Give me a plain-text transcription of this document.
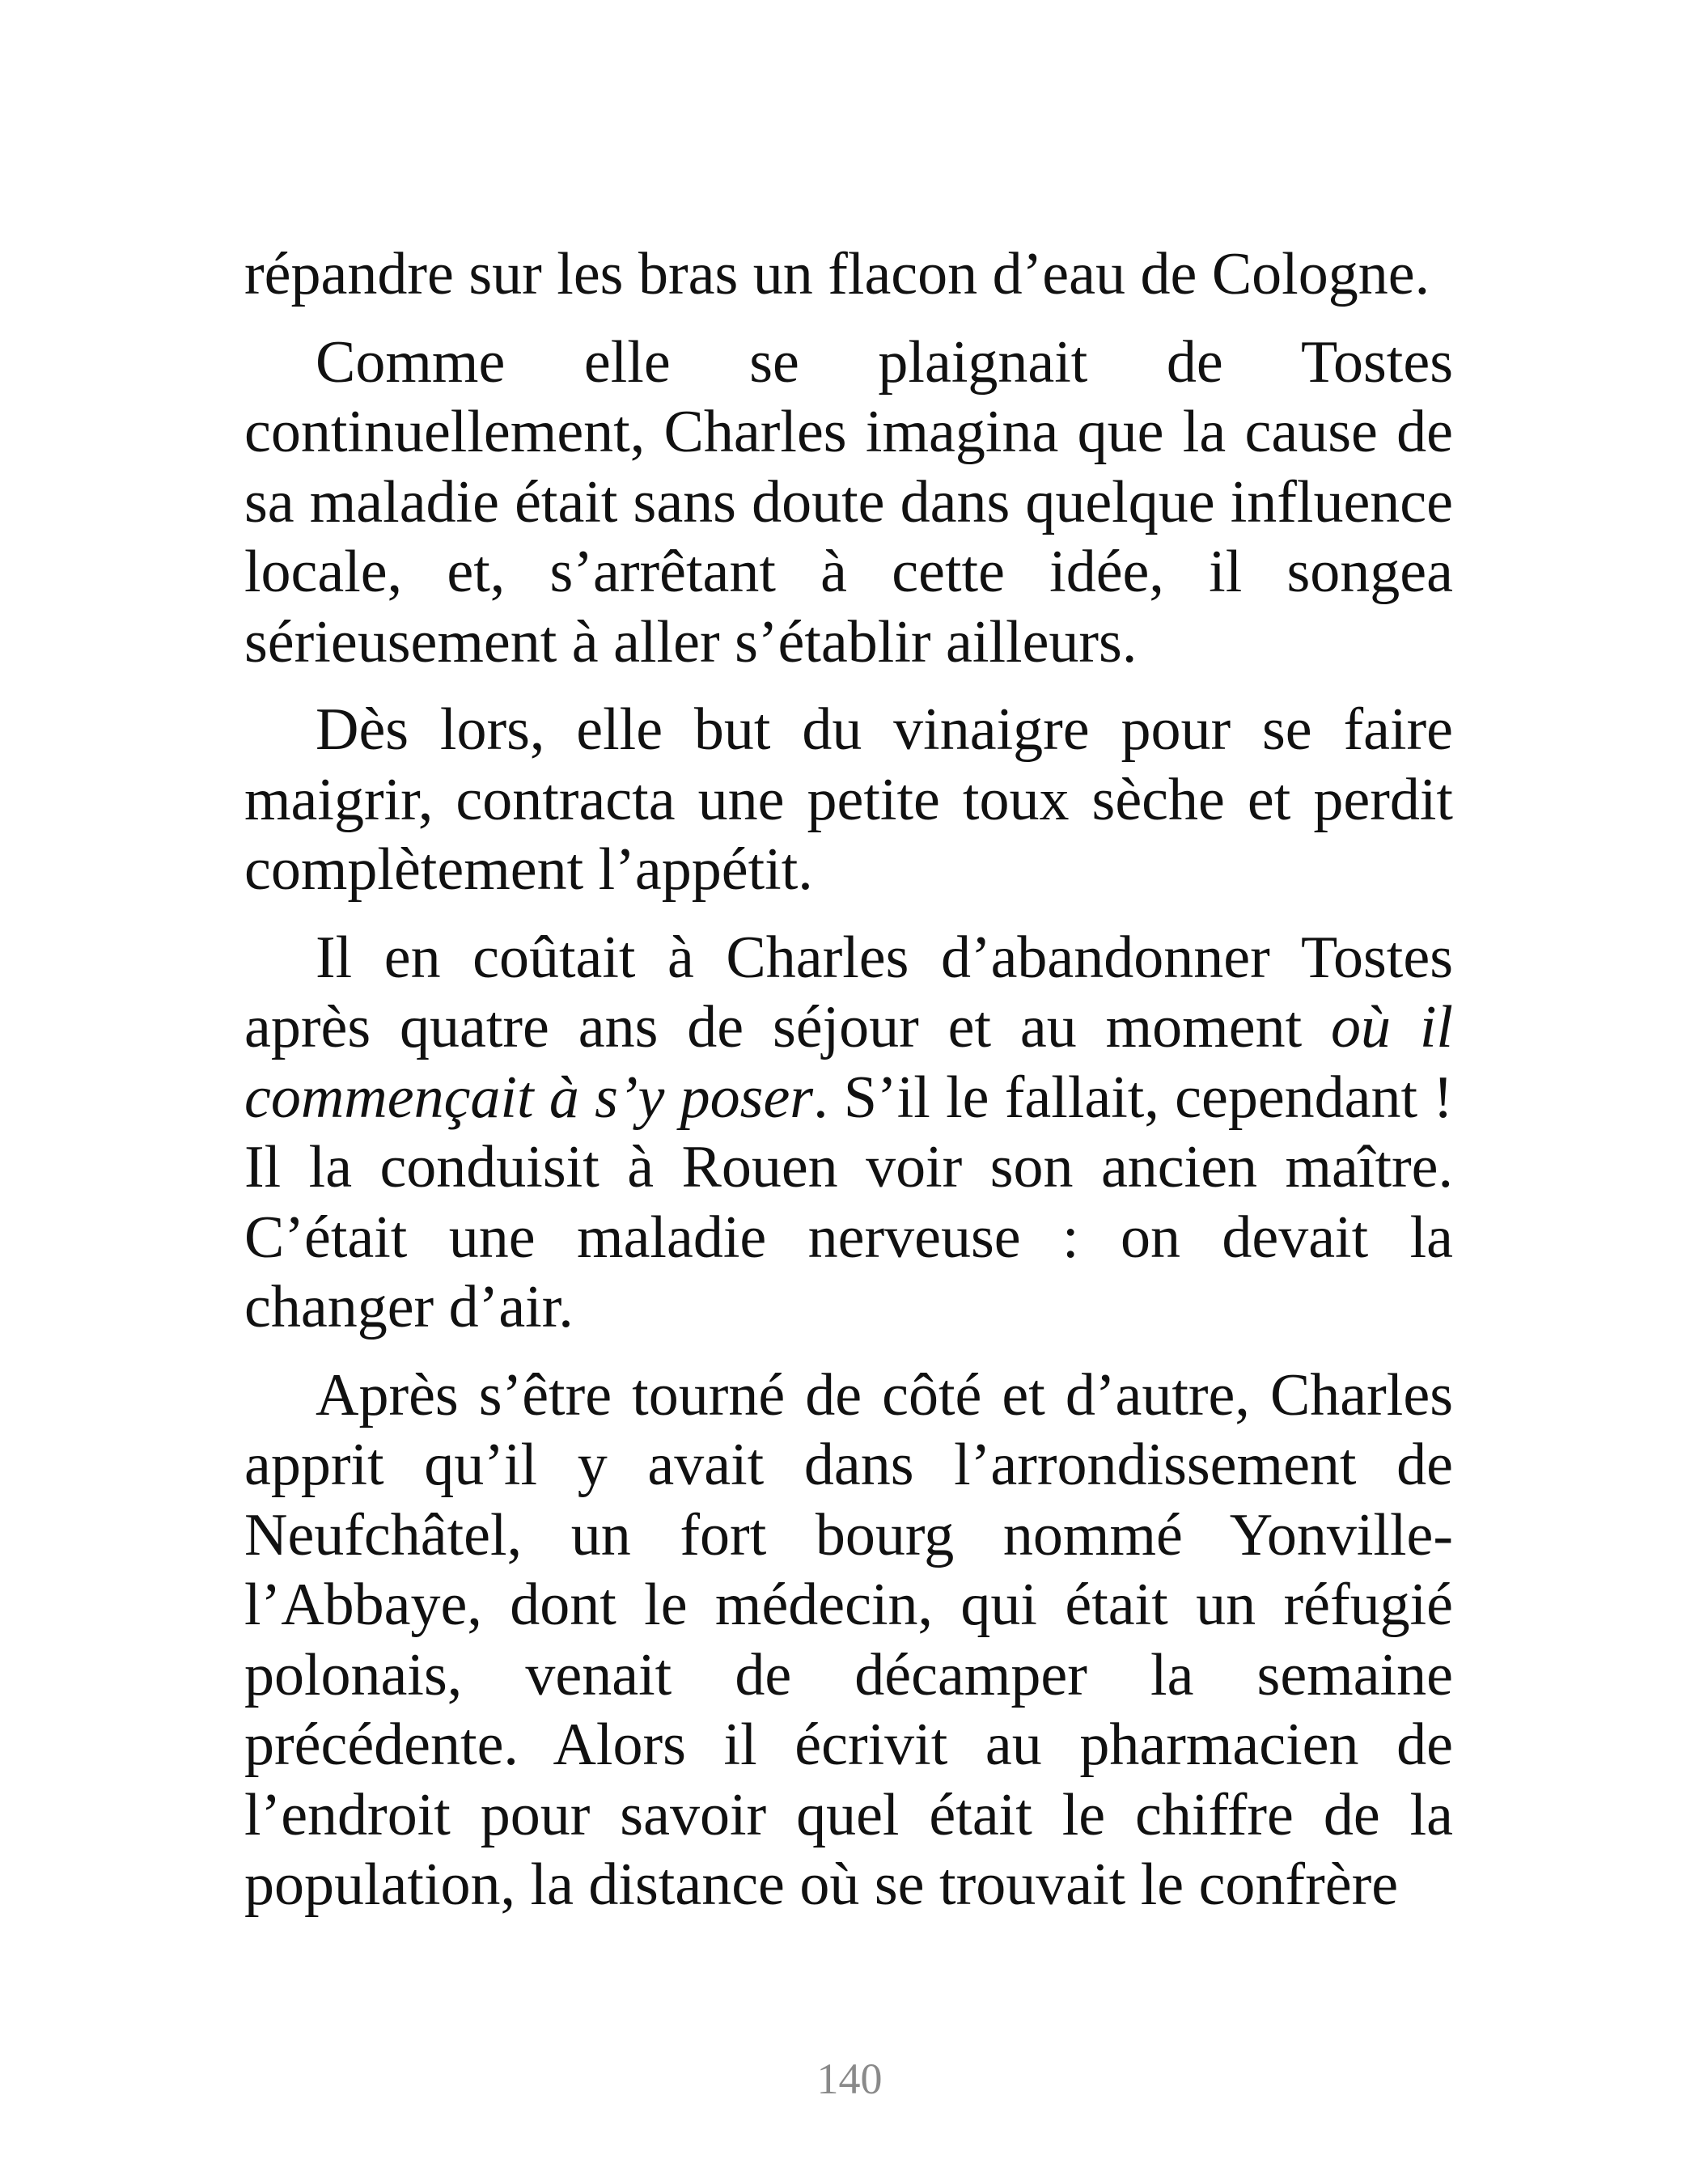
répandre sur les bras un flacon d’eau de Cologne.

Comme elle se plaignait de Tostes continuellement, Charles imagina que la cause de sa maladie était sans doute dans quelque influence locale, et, s’arrêtant à cette idée, il songea sérieusement à aller s’établir ailleurs.

Dès lors, elle but du vinaigre pour se faire maigrir, contracta une petite toux sèche et perdit complètement l’appétit.

Il en coûtait à Charles d’abandonner Tostes après quatre ans de séjour et au moment où il commençait à s’y poser. S’il le fallait, cependant ! Il la conduisit à Rouen voir son ancien maître. C’était une maladie nerveuse : on devait la changer d’air.

Après s’être tourné de côté et d’autre, Charles apprit qu’il y avait dans l’arrondissement de Neufchâtel, un fort bourg nommé Yonville-l’Abbaye, dont le médecin, qui était un réfugié polonais, venait de décamper la semaine précédente. Alors il écrivit au pharmacien de l’endroit pour savoir quel était le chiffre de la population, la distance où se trouvait le confrère

140
